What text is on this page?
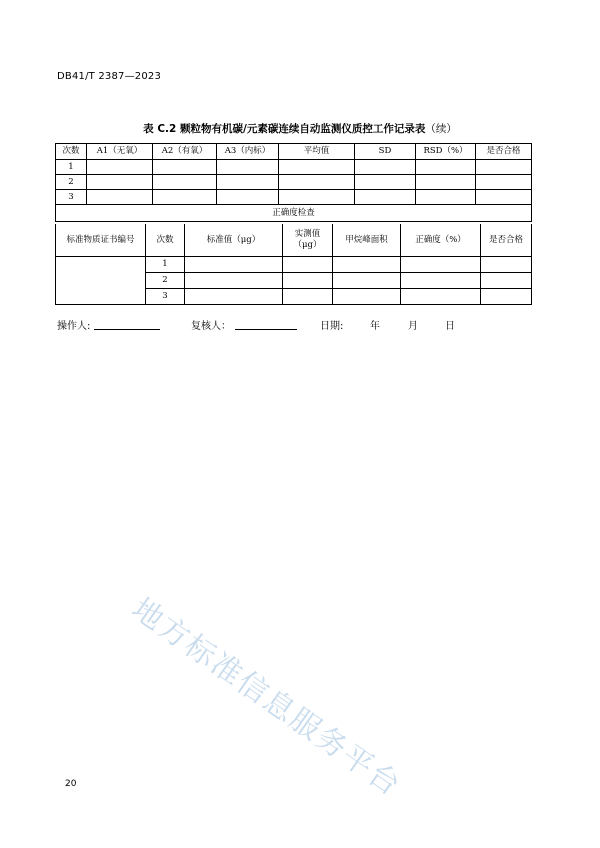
DB41/T 2387—2023
表 C.2 颗粒物有机碳/元素碳连续自动监测仪质控工作记录表（续）
次数	A1（无氧）	A2（有氧）	A3（内标）	平均值	SD	RSD（%）	是否合格
1							
2							
3							
正确度检查							
标准物质证书编号	次数	标准值（μg）	实测值（μg）	甲烷峰面积	正确度（%）	是否合格
	1					
	2					
	3					
操作人:	复核人：	日期:	年	月	日
地方标准信息服务平台
20
